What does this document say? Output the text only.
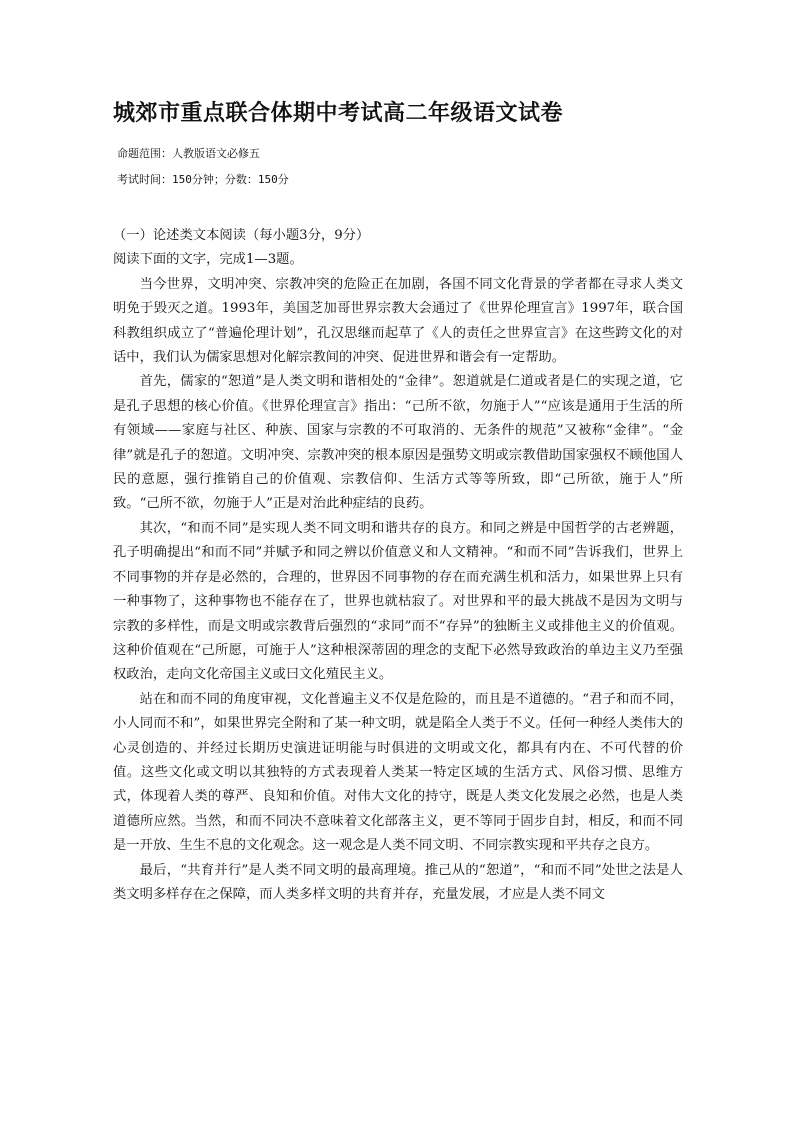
城郊市重点联合体期中考试高二年级语文试卷
命题范围：人教版语文必修五
考试时间：150分钟；分数：150分

（一）论述类文本阅读（每小题3分，9分）

阅读下面的文字，完成1—3题。

当今世界，文明冲突、宗教冲突的危险正在加剧，各国不同文化背景的学者都在寻求人类文明免于毁灭之道。1993年，美国芝加哥世界宗教大会通过了《世界伦理宣言》1997年，联合国科教组织成立了“普遍伦理计划”，孔汉思继而起草了《人的责任之世界宣言》在这些跨文化的对话中，我们认为儒家思想对化解宗教间的冲突、促进世界和谐会有一定帮助。

首先，儒家的“恕道”是人类文明和谐相处的“金律”。恕道就是仁道或者是仁的实现之道，它是孔子思想的核心价值。《世界伦理宣言》指出：“己所不欲，勿施于人”“应该是通用于生活的所有领域——家庭与社区、种族、国家与宗教的不可取消的、无条件的规范”又被称“金律”。“金律”就是孔子的恕道。文明冲突、宗教冲突的根本原因是强势文明或宗教借助国家强权不顾他国人民的意愿，强行推销自己的价值观、宗教信仰、生活方式等等所致，即“己所欲，施于人”所致。“己所不欲，勿施于人”正是对治此种症结的良药。

其次，“和而不同”是实现人类不同文明和谐共存的良方。和同之辨是中国哲学的古老辨题，孔子明确提出“和而不同”并赋予和同之辨以价值意义和人文精神。“和而不同”告诉我们，世界上不同事物的并存是必然的，合理的，世界因不同事物的存在而充满生机和活力，如果世界上只有一种事物了，这种事物也不能存在了，世界也就枯寂了。对世界和平的最大挑战不是因为文明与宗教的多样性，而是文明或宗教背后强烈的“求同”而不“存异”的独断主义或排他主义的价值观。这种价值观在“己所愿，可施于人”这种根深蒂固的理念的支配下必然导致政治的单边主义乃至强权政治，走向文化帝国主义或曰文化殖民主义。

站在和而不同的角度审视，文化普遍主义不仅是危险的，而且是不道德的。“君子和而不同，小人同而不和”，如果世界完全附和了某一种文明，就是陷全人类于不义。任何一种经人类伟大的心灵创造的、并经过长期历史演进证明能与时俱进的文明或文化，都具有内在、不可代替的价值。这些文化或文明以其独特的方式表现着人类某一特定区域的生活方式、风俗习惯、思维方式，体现着人类的尊严、良知和价值。对伟大文化的持守，既是人类文化发展之必然，也是人类道德所应然。当然，和而不同决不意味着文化部落主义，更不等同于固步自封，相反，和而不同是一开放、生生不息的文化观念。这一观念是人类不同文明、不同宗教实现和平共存之良方。

最后，“共育并行”是人类不同文明的最高理境。推己从的“恕道”，“和而不同”处世之法是人类文明多样存在之保障，而人类多样文明的共育并存，充量发展，才应是人类不同文
